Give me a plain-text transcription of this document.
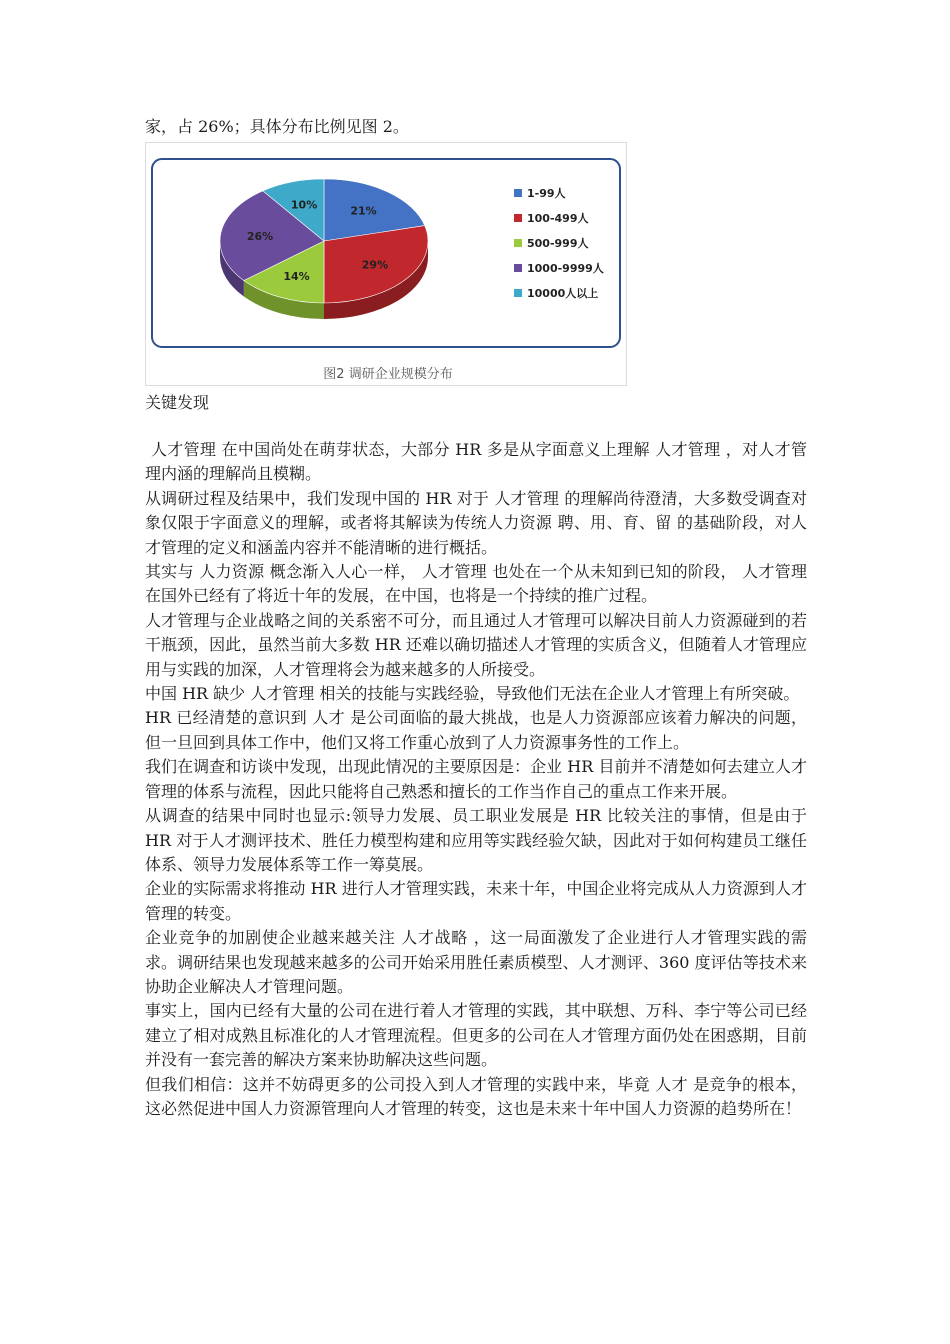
家，占 26%；具体分布比例见图 2。
21%
29%
14%
26%
10%
1-99人
100-499人
500-999人
1000-9999人
10000人以上
图2 调研企业规模分布
关键发现

人才管理 在中国尚处在萌芽状态，大部分 HR 多是从字面意义上理解 人才管理 ，对人才管理内涵的理解尚且模糊。

从调研过程及结果中，我们发现中国的 HR 对于 人才管理 的理解尚待澄清，大多数受调查对象仅限于字面意义的理解，或者将其解读为传统人力资源 聘、用、育、留 的基础阶段，对人才管理的定义和涵盖内容并不能清晰的进行概括。

其实与 人力资源 概念渐入人心一样， 人才管理 也处在一个从未知到已知的阶段， 人才管理 在国外已经有了将近十年的发展，在中国，也将是一个持续的推广过程。

人才管理与企业战略之间的关系密不可分，而且通过人才管理可以解决目前人力资源碰到的若干瓶颈，因此，虽然当前大多数 HR 还难以确切描述人才管理的实质含义，但随着人才管理应用与实践的加深，人才管理将会为越来越多的人所接受。

中国 HR 缺少 人才管理 相关的技能与实践经验，导致他们无法在企业人才管理上有所突破。

HR 已经清楚的意识到 人才 是公司面临的最大挑战，也是人力资源部应该着力解决的问题，但一旦回到具体工作中，他们又将工作重心放到了人力资源事务性的工作上。

我们在调查和访谈中发现，出现此情况的主要原因是：企业 HR 目前并不清楚如何去建立人才管理的体系与流程，因此只能将自己熟悉和擅长的工作当作自己的重点工作来开展。

从调查的结果中同时也显示:领导力发展、员工职业发展是 HR 比较关注的事情，但是由于 HR 对于人才测评技术、胜任力模型构建和应用等实践经验欠缺，因此对于如何构建员工继任体系、领导力发展体系等工作一筹莫展。

企业的实际需求将推动 HR 进行人才管理实践，未来十年，中国企业将完成从人力资源到人才管理的转变。

企业竞争的加剧使企业越来越关注 人才战略 ，这一局面激发了企业进行人才管理实践的需求。调研结果也发现越来越多的公司开始采用胜任素质模型、人才测评、360 度评估等技术来协助企业解决人才管理问题。

事实上，国内已经有大量的公司在进行着人才管理的实践，其中联想、万科、李宁等公司已经建立了相对成熟且标准化的人才管理流程。但更多的公司在人才管理方面仍处在困惑期，目前并没有一套完善的解决方案来协助解决这些问题。

但我们相信：这并不妨碍更多的公司投入到人才管理的实践中来，毕竟 人才 是竞争的根本，这必然促进中国人力资源管理向人才管理的转变，这也是未来十年中国人力资源的趋势所在！
